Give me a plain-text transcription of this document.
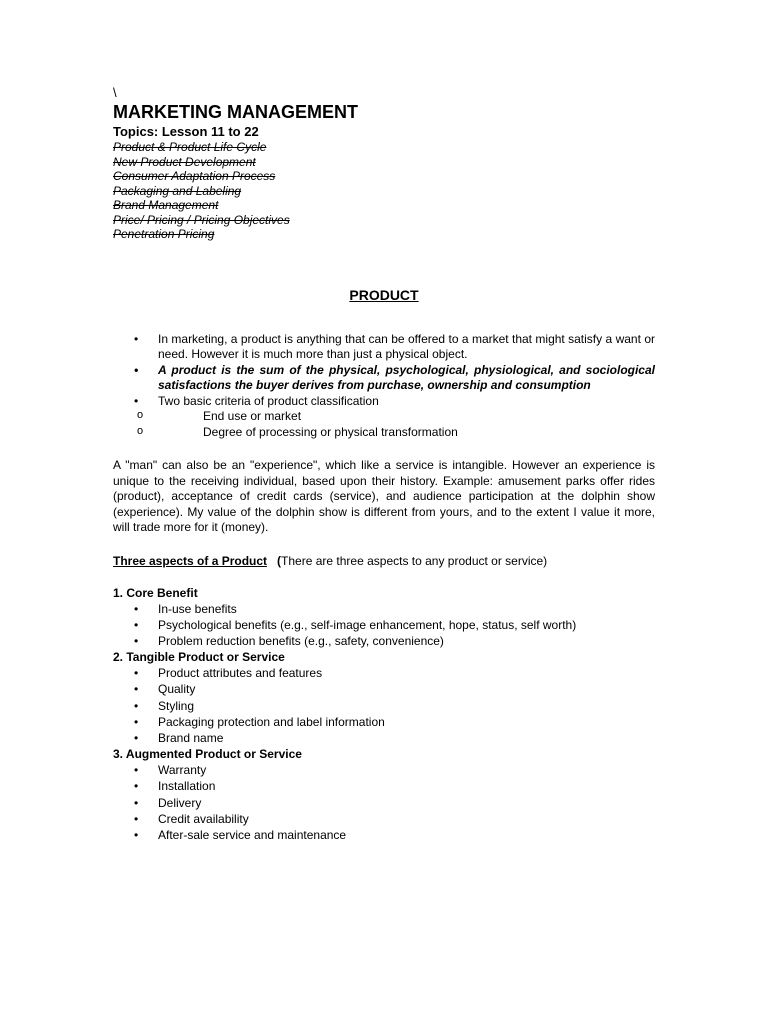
\
MARKETING MANAGEMENT
Topics: Lesson 11 to 22
Product & Product Life Cycle
New Product Development
Consumer Adaptation Process
Packaging and Labeling
Brand Management
Price/ Pricing / Pricing Objectives
Penetration Pricing
PRODUCT
• In marketing, a product is anything that can be offered to a market that might satisfy a want or need. However it is much more than just a physical object.
• A product is the sum of the physical, psychological, physiological, and sociological satisfactions the buyer derives from purchase, ownership and consumption
• Two basic criteria of product classification
o End use or market
o Degree of processing or physical transformation
A "man" can also be an "experience", which like a service is intangible. However an experience is unique to the receiving individual, based upon their history. Example: amusement parks offer rides (product), acceptance of credit cards (service), and audience participation at the dolphin show (experience). My value of the dolphin show is different from yours, and to the extent I value it more, will trade more for it (money).
Three aspects of a Product (There are three aspects to any product or service)
1. Core Benefit
• In-use benefits
• Psychological benefits (e.g., self-image enhancement, hope, status, self worth)
• Problem reduction benefits (e.g., safety, convenience)
2. Tangible Product or Service
• Product attributes and features
• Quality
• Styling
• Packaging protection and label information
• Brand name
3. Augmented Product or Service
• Warranty
• Installation
• Delivery
• Credit availability
• After-sale service and maintenance
